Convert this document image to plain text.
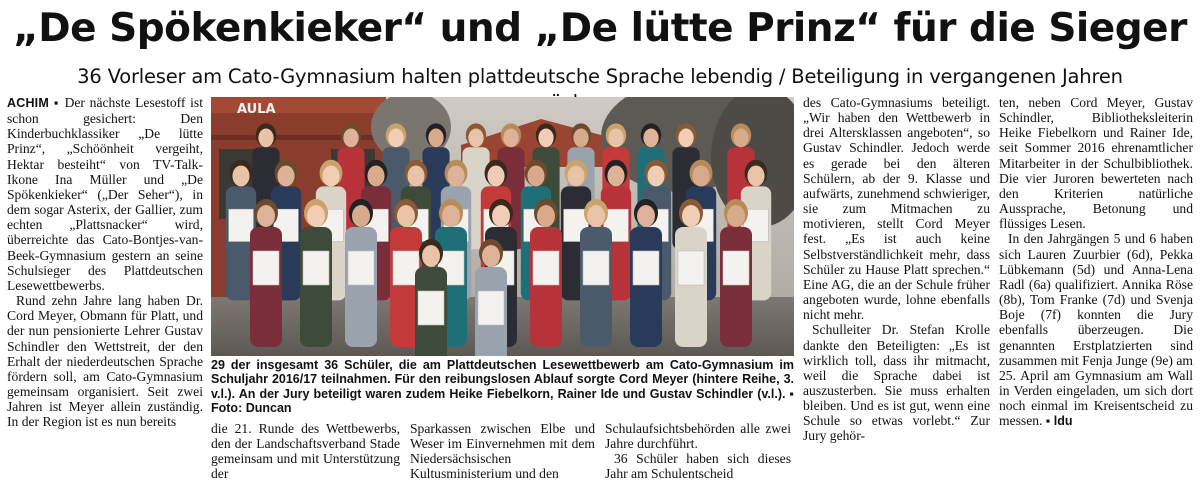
„De Spökenkieker“ und „De lütte Prinz“ für die Sieger
36 Vorleser am Cato-Gymnasium halten plattdeutsche Sprache lebendig / Beteiligung in vergangenen Jahren

ACHIM ▪ Der nächste Lesestoff ist schon gesichert: Den Kinderbuchklassiker „De lütte Prinz“, „Schöönheit vergeiht, Hektar besteiht“ von TV-Talk-Ikone Ina Müller und „De Spökenkieker“ („Der Seher“), in dem sogar Asterix, der Gallier, zum echten „Plattsnacker“ wird, überreichte das Cato-Bontjes-van-Beek-Gymnasium gestern an seine Schulsieger des Plattdeutschen Lesewettbewerbs.

Rund zehn Jahre lang haben Dr. Cord Meyer, Obmann für Platt, und der nun pensionierte Lehrer Gustav Schindler den Wettstreit, der den Erhalt der niederdeutschen Sprache fördern soll, am Cato-Gymnasium gemeinsam organisiert. Seit zwei Jahren ist Meyer allein zuständig. In der Region ist es nun bereits

AULA
29 der insgesamt 36 Schüler, die am Plattdeutschen Lesewettbewerb am Cato-Gymnasium im Schuljahr 2016/17 teilnahmen. Für den reibungslosen Ablauf sorgte Cord Meyer (hintere Reihe, 3. v.l.). An der Jury beteiligt waren zudem Heike Fiebelkorn, Rainer Ide und Gustav Schindler (v.l.). ▪ Foto: Duncan

die 21. Runde des Wettbewerbs, den der Landschaftsverband Stade gemeinsam und mit Unterstützung der

Sparkassen zwischen Elbe und Weser im Einvernehmen mit dem Niedersächsischen Kultusministerium und den

Schulaufsichtsbehörden alle zwei Jahre durchführt.

36 Schüler haben sich dieses Jahr am Schulentscheid

des Cato-Gymnasiums beteiligt. „Wir haben den Wettbewerb in drei Altersklassen angeboten“, so Gustav Schindler. Jedoch werde es gerade bei den älteren Schülern, ab der 9. Klasse und aufwärts, zunehmend schwieriger, sie zum Mitmachen zu motivieren, stellt Cord Meyer fest. „Es ist auch keine Selbstverständlichkeit mehr, dass Schüler zu Hause Platt sprechen.“ Eine AG, die an der Schule früher angeboten wurde, lohne ebenfalls nicht mehr.

Schulleiter Dr. Stefan Krolle dankte den Beteiligten: „Es ist wirklich toll, dass ihr mitmacht, weil die Sprache dabei ist auszusterben. Sie muss erhalten bleiben. Und es ist gut, wenn eine Schule so etwas vorlebt.“ Zur Jury gehör-

ten, neben Cord Meyer, Gustav Schindler, Bibliotheksleiterin Heike Fiebelkorn und Rainer Ide, seit Sommer 2016 ehrenamtlicher Mitarbeiter in der Schulbibliothek. Die vier Juroren bewerteten nach den Kriterien natürliche Aussprache, Betonung und flüssiges Lesen.

In den Jahrgängen 5 und 6 haben sich Lauren Zuurbier (6d), Pekka Lübkemann (5d) und Anna-Lena Radl (6a) qualifiziert. Annika Röse (8b), Tom Franke (7d) und Svenja Boje (7f) konnten die Jury ebenfalls überzeugen. Die genannten Erstplatzierten sind zusammen mit Fenja Junge (9e) am 25. April am Gymnasium am Wall in Verden eingeladen, um sich dort noch einmal im Kreisentscheid zu messen. ▪ ldu
